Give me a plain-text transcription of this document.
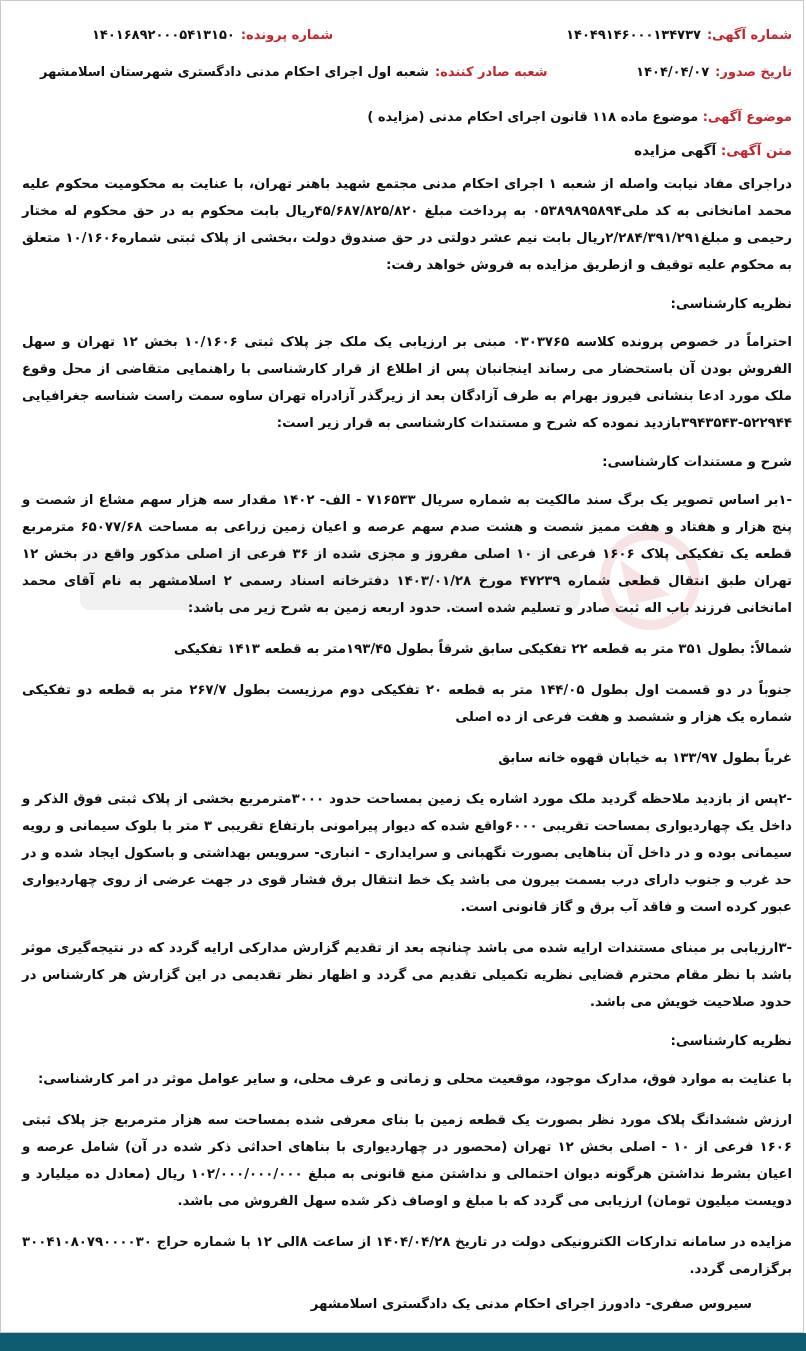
شماره آگهی:
۱۴۰۴۹۱۴۶۰۰۰۱۳۴۷۳۷
شماره پرونده:
۱۴۰۱۶۸۹۲۰۰۰۵۴۱۳۱۵۰
تاریخ صدور:
۱۴۰۴/۰۴/۰۷
شعبه صادر کننده:
شعبه اول اجرای احکام مدنی دادگستری شهرستان اسلامشهر
موضوع آگهی: موضوع ماده ۱۱۸ قانون اجرای احکام مدنی (مزایده )
متن آگهی: آگهی مزایده

دراجرای مفاد نیابت واصله از شعبه ۱ اجرای احکام مدنی مجتمع شهید باهنر تهران، با عنایت به محکومیت محکوم علیه محمد امانخانی به کد ملی۰۵۳۸۹۸۹۵۸۹۴ به پرداخت مبلغ ۴۵/۶۸۷/۸۲۵/۸۲۰ریال بابت محکوم به در حق محکوم له مختار رحیمی و مبلغ۲/۲۸۴/۳۹۱/۲۹۱ریال بابت نیم عشر دولتی در حق صندوق دولت ،بخشی از پلاک ثبتی شماره۱۰/۱۶۰۶ متعلق به محکوم علیه توقیف و ازطریق مزایده به فروش خواهد رفت:

نظریه کارشناسی:

احتراماً در خصوص پرونده کلاسه ۰۳۰۳۷۶۵ مبنی بر ارزیابی یک ملک جز پلاک ثبتی ۱۰/۱۶۰۶ بخش ۱۲ تهران و سهل الفروش بودن آن باستحضار می رساند اینجانبان پس از اطلاع از قرار کارشناسی با راهنمایی متقاضی از محل وقوع ملک مورد ادعا بنشانی فیروز بهرام به طرف آزادگان بعد از زیرگذر آزادراه تهران ساوه سمت راست شناسه جغرافیایی ۵۲۲۹۴۴-۳۹۴۳۵۴۳بازدید نموده که شرح و مستندات کارشناسی به قرار زیر است:

شرح و مستندات کارشناسی:

-۱بر اساس تصویر یک برگ سند مالکیت به شماره سریال ۷۱۶۵۳۳ - الف- ۱۴۰۲ مقدار سه هزار سهم مشاع از شصت و پنج هزار و هفتاد و هفت ممیز شصت و هشت صدم سهم عرصه و اعیان زمین زراعی به مساحت ۶۵۰۷۷/۶۸ مترمربع قطعه یک تفکیکی پلاک ۱۶۰۶ فرعی از ۱۰ اصلی مفروز و مجزی شده از ۳۶ فرعی از اصلی مذکور واقع در بخش ۱۲ تهران طبق انتقال قطعی شماره ۴۷۲۳۹ مورخ ۱۴۰۳/۰۱/۲۸ دفترخانه اسناد رسمی ۲ اسلامشهر به نام آقای محمد امانخانی فرزند باب اله ثبت صادر و تسلیم شده است. حدود اربعه زمین به شرح زیر می باشد:

شمالاً: بطول ۳۵۱ متر به قطعه ۲۲ تفکیکی سابق شرقاً بطول ۱۹۳/۴۵متر به قطعه ۱۴۱۳ تفکیکی

جنوباً در دو قسمت اول بطول ۱۴۴/۰۵ متر به قطعه ۲۰ تفکیکی دوم مرزیست بطول ۲۶۷/۷ متر به قطعه دو تفکیکی شماره یک هزار و ششصد و هفت فرعی از ده اصلی

غرباً بطول ۱۳۳/۹۷ به خیابان قهوه خانه سابق

-۲پس از بازدید ملاحظه گردید ملک مورد اشاره یک زمین بمساحت حدود ۳۰۰۰مترمربع بخشی از پلاک ثبتی فوق الذکر و داخل یک چهاردیواری بمساحت تقریبی ۶۰۰۰واقع شده که دیوار پیرامونی بارتفاع تقریبی ۳ متر با بلوک سیمانی و رویه سیمانی بوده و در داخل آن بناهایی بصورت نگهبانی و سرایداری - انباری- سرویس بهداشتی و باسکول ایجاد شده و در حد غرب و جنوب دارای درب بسمت بیرون می باشد یک خط انتقال برق فشار قوی در جهت عرضی از روی چهاردیواری عبور کرده است و فاقد آب برق و گاز قانونی است.

-۳ارزیابی بر مبنای مستندات ارایه شده می باشد چنانچه بعد از تقدیم گزارش مدارکی ارایه گردد که در نتیجه‌گیری موثر باشد با نظر مقام محترم قضایی نظریه تکمیلی تقدیم می گردد و اظهار نظر تقدیمی در این گزارش هر کارشناس در حدود صلاحیت خویش می باشد.

نظریه کارشناسی:

با عنایت به موارد فوق، مدارک موجود، موقعیت محلی و زمانی و عرف محلی، و سایر عوامل موثر در امر کارشناسی:

ارزش ششدانگ پلاک مورد نظر بصورت یک قطعه زمین با بنای معرفی شده بمساحت سه هزار مترمربع جز پلاک ثبتی ۱۶۰۶ فرعی از ۱۰ - اصلی بخش ۱۲ تهران (محصور در چهاردیواری با بناهای احداثی ذکر شده در آن) شامل عرصه و اعیان بشرط نداشتن هرگونه دیوان احتمالی و نداشتن منع قانونی به مبلغ ۱۰۲/۰۰۰/۰۰۰/۰۰۰ ریال (معادل ده میلیارد و دویست میلیون تومان) ارزیابی می گردد که با مبلغ و اوصاف ذکر شده سهل الفروش می باشد.

مزایده در سامانه تدارکات الکترونیکی دولت در تاریخ ۱۴۰۴/۰۴/۲۸ از ساعت ۸الی ۱۲ با شماره حراج ۳۰۰۴۱۰۸۰۷۹۰۰۰۰۳۰ برگزارمی گردد.

سیروس صفری- دادورز اجرای احکام مدنی یک دادگستری اسلامشهر
